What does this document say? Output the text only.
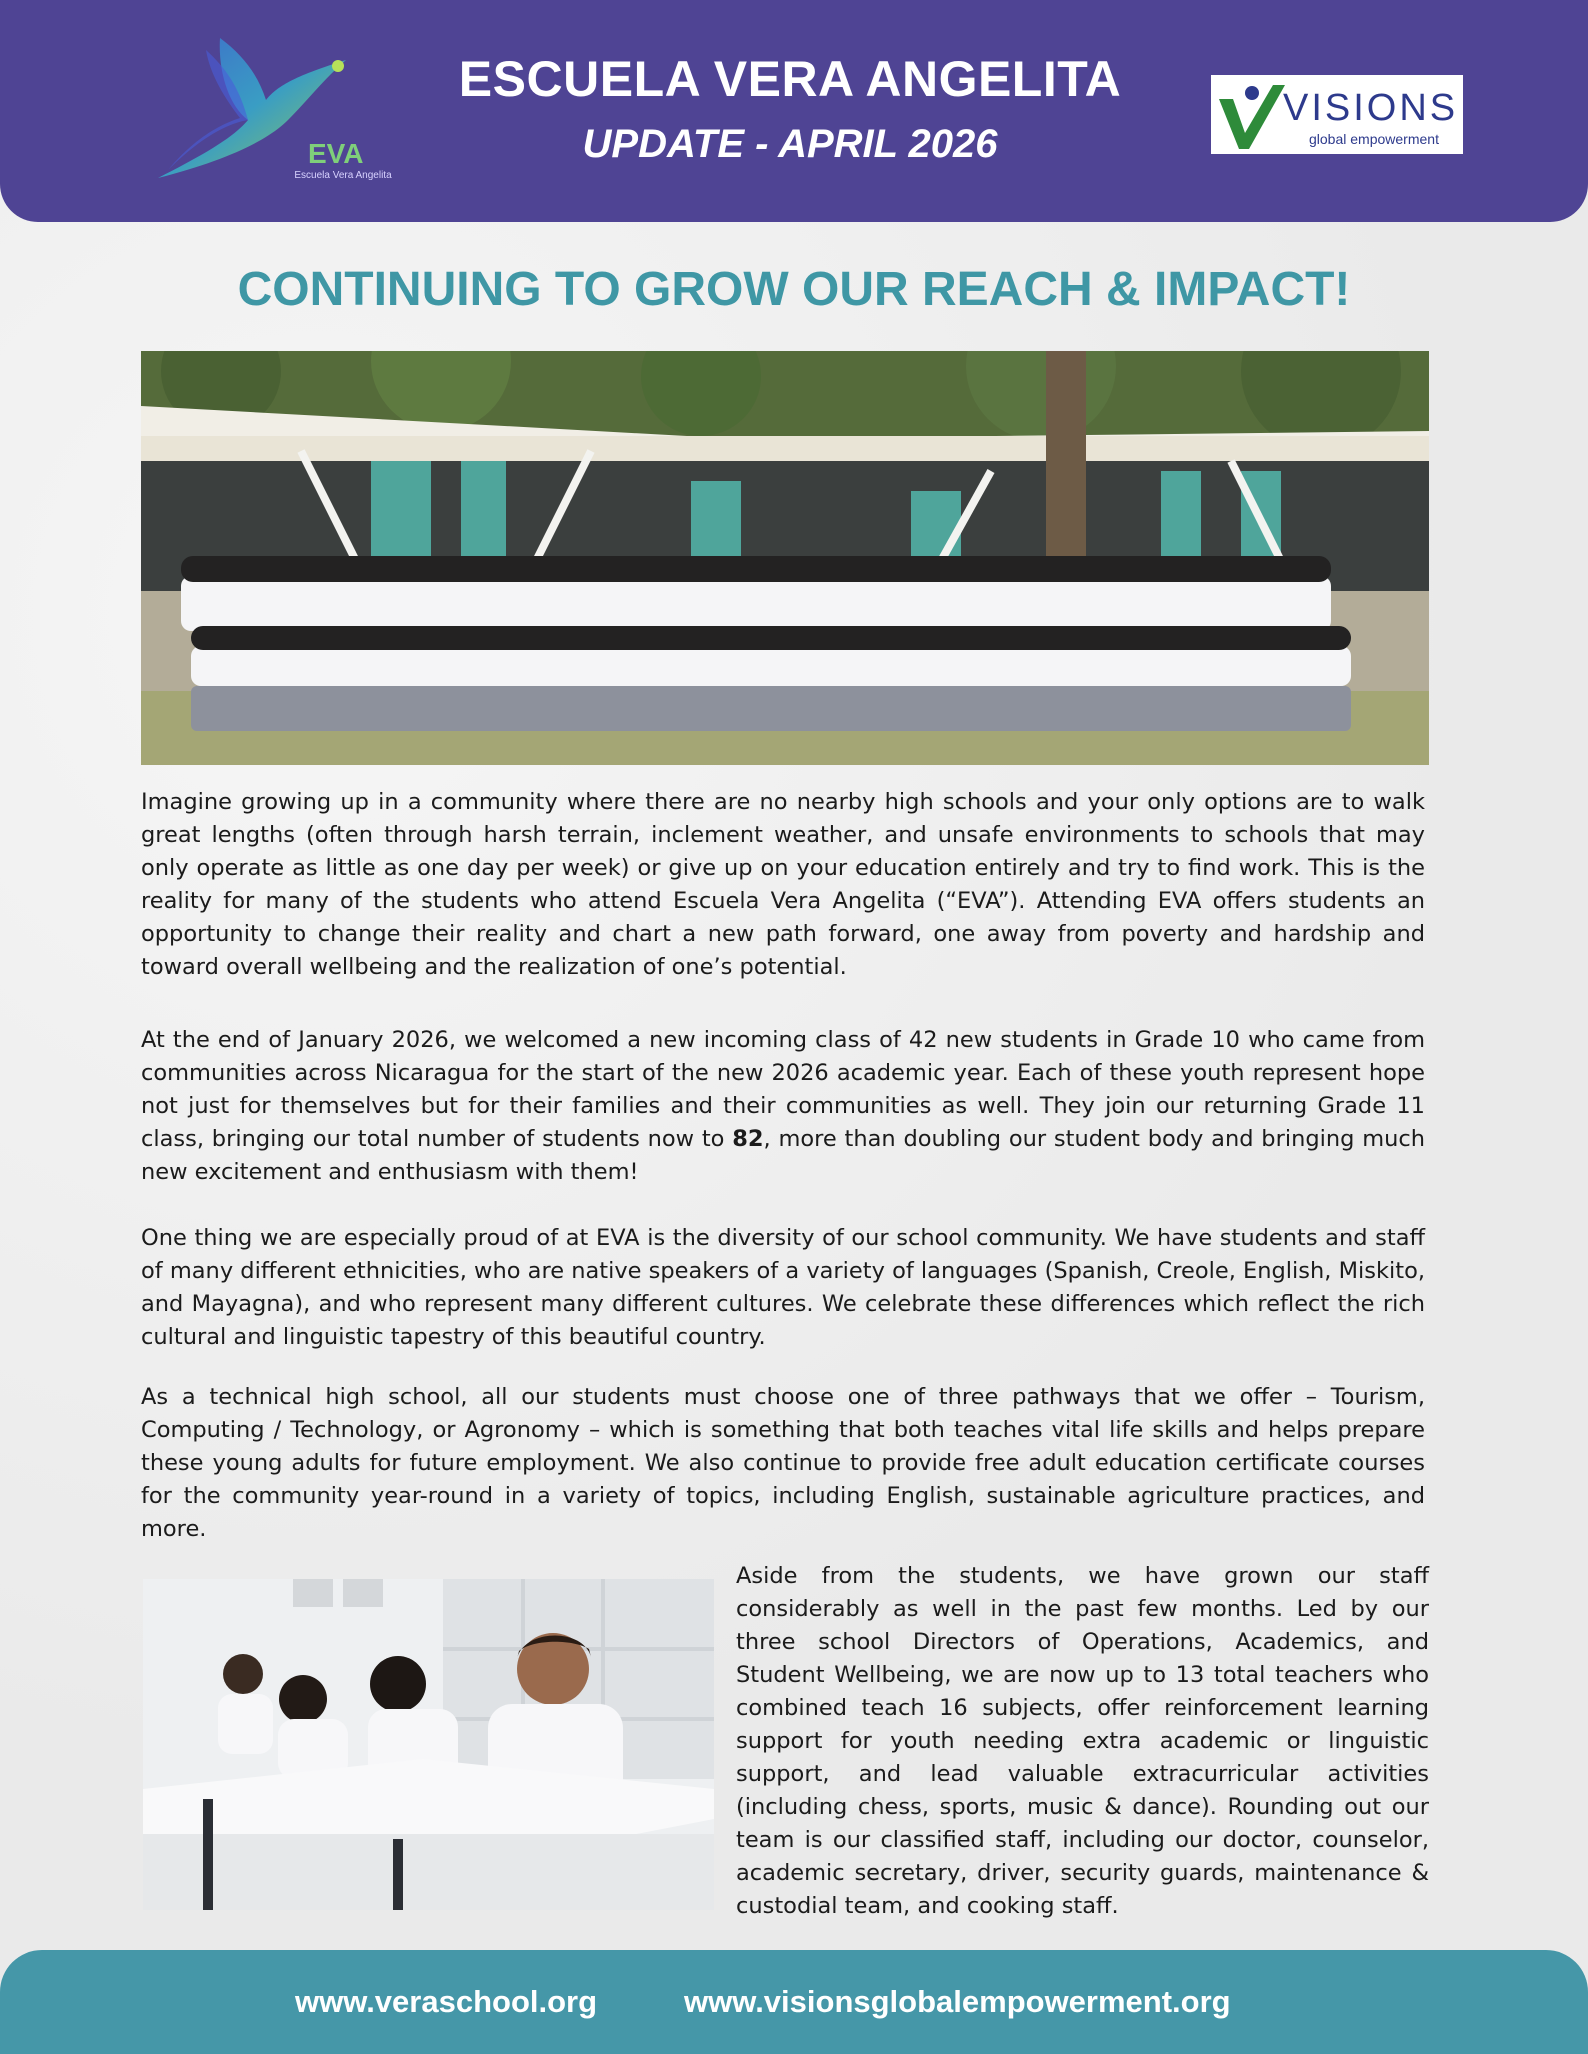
EVA
Escuela Vera Angelita
ESCUELA VERA ANGELITA
UPDATE - APRIL 2026
VISIONS
global empowerment
CONTINUING TO GROW OUR REACH & IMPACT!

Imagine growing up in a community where there are no nearby high schools and your only options are to walk great lengths (often through harsh terrain, inclement weather, and unsafe environments to schools that may only operate as little as one day per week) or give up on your education entirely and try to find work. This is the reality for many of the students who attend Escuela Vera Angelita (“EVA”). Attending EVA offers students an opportunity to change their reality and chart a new path forward, one away from poverty and hardship and toward overall wellbeing and the realization of one’s potential.

At the end of January 2026, we welcomed a new incoming class of 42 new students in Grade 10 who came from communities across Nicaragua for the start of the new 2026 academic year. Each of these youth represent hope not just for themselves but for their families and their communities as well. They join our returning Grade 11 class, bringing our total number of students now to 82, more than doubling our student body and bringing much new excitement and enthusiasm with them!

One thing we are especially proud of at EVA is the diversity of our school community. We have students and staff of many different ethnicities, who are native speakers of a variety of languages (Spanish, Creole, English, Miskito, and Mayagna), and who represent many different cultures. We celebrate these differences which reflect the rich cultural and linguistic tapestry of this beautiful country.

As a technical high school, all our students must choose one of three pathways that we offer – Tourism, Computing / Technology, or Agronomy – which is something that both teaches vital life skills and helps prepare these young adults for future employment. We also continue to provide free adult education certificate courses for the community year-round in a variety of topics, including English, sustainable agriculture practices, and more.

Aside from the students, we have grown our staff considerably as well in the past few months. Led by our three school Directors of Operations, Academics, and Student Wellbeing, we are now up to 13 total teachers who combined teach 16 subjects, offer reinforcement learning support for youth needing extra academic or linguistic support, and lead valuable extracurricular activities (including chess, sports, music & dance). Rounding out our team is our classified staff, including our doctor, counselor, academic secretary, driver, security guards, maintenance & custodial team, and cooking staff.

www.veraschool.org	www.visionsglobalempowerment.org
